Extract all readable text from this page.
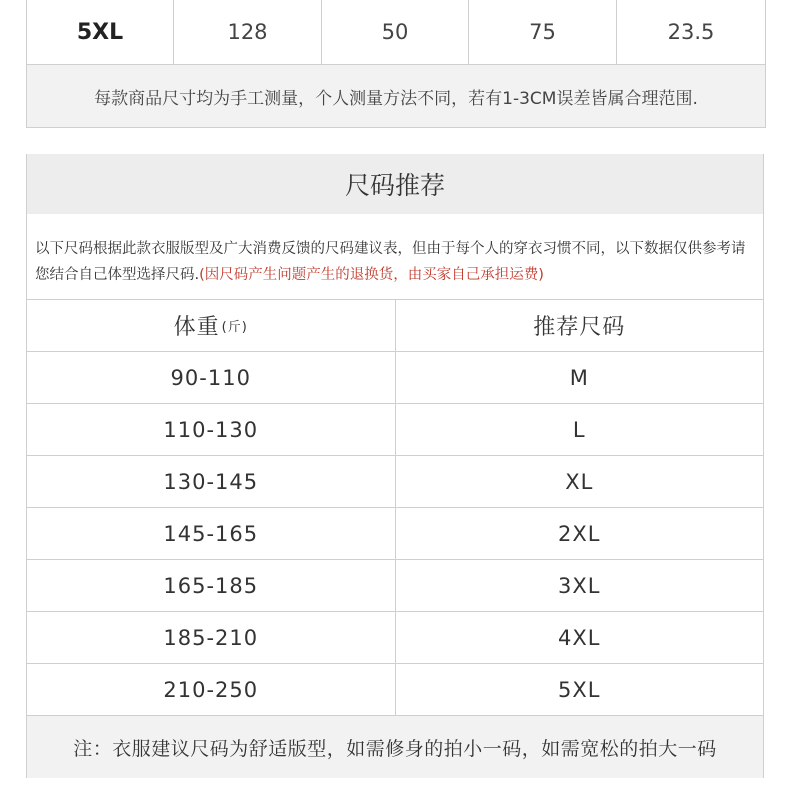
5XL	128	50	75	23.5
每款商品尺寸均为手工测量，个人测量方法不同，若有1-3CM误差皆属合理范围.
尺码推荐
以下尺码根据此款衣服版型及广大消费反馈的尺码建议表，但由于每个人的穿衣习惯不同，以下数据仅供参考请您结合自己体型选择尺码.(因尺码产生问题产生的退换货，由买家自己承担运费)
体重 (斤)	推荐尺码
90-110	M
110-130	L
130-145	XL
145-165	2XL
165-185	3XL
185-210	4XL
210-250	5XL
注：衣服建议尺码为舒适版型，如需修身的拍小一码，如需宽松的拍大一码
